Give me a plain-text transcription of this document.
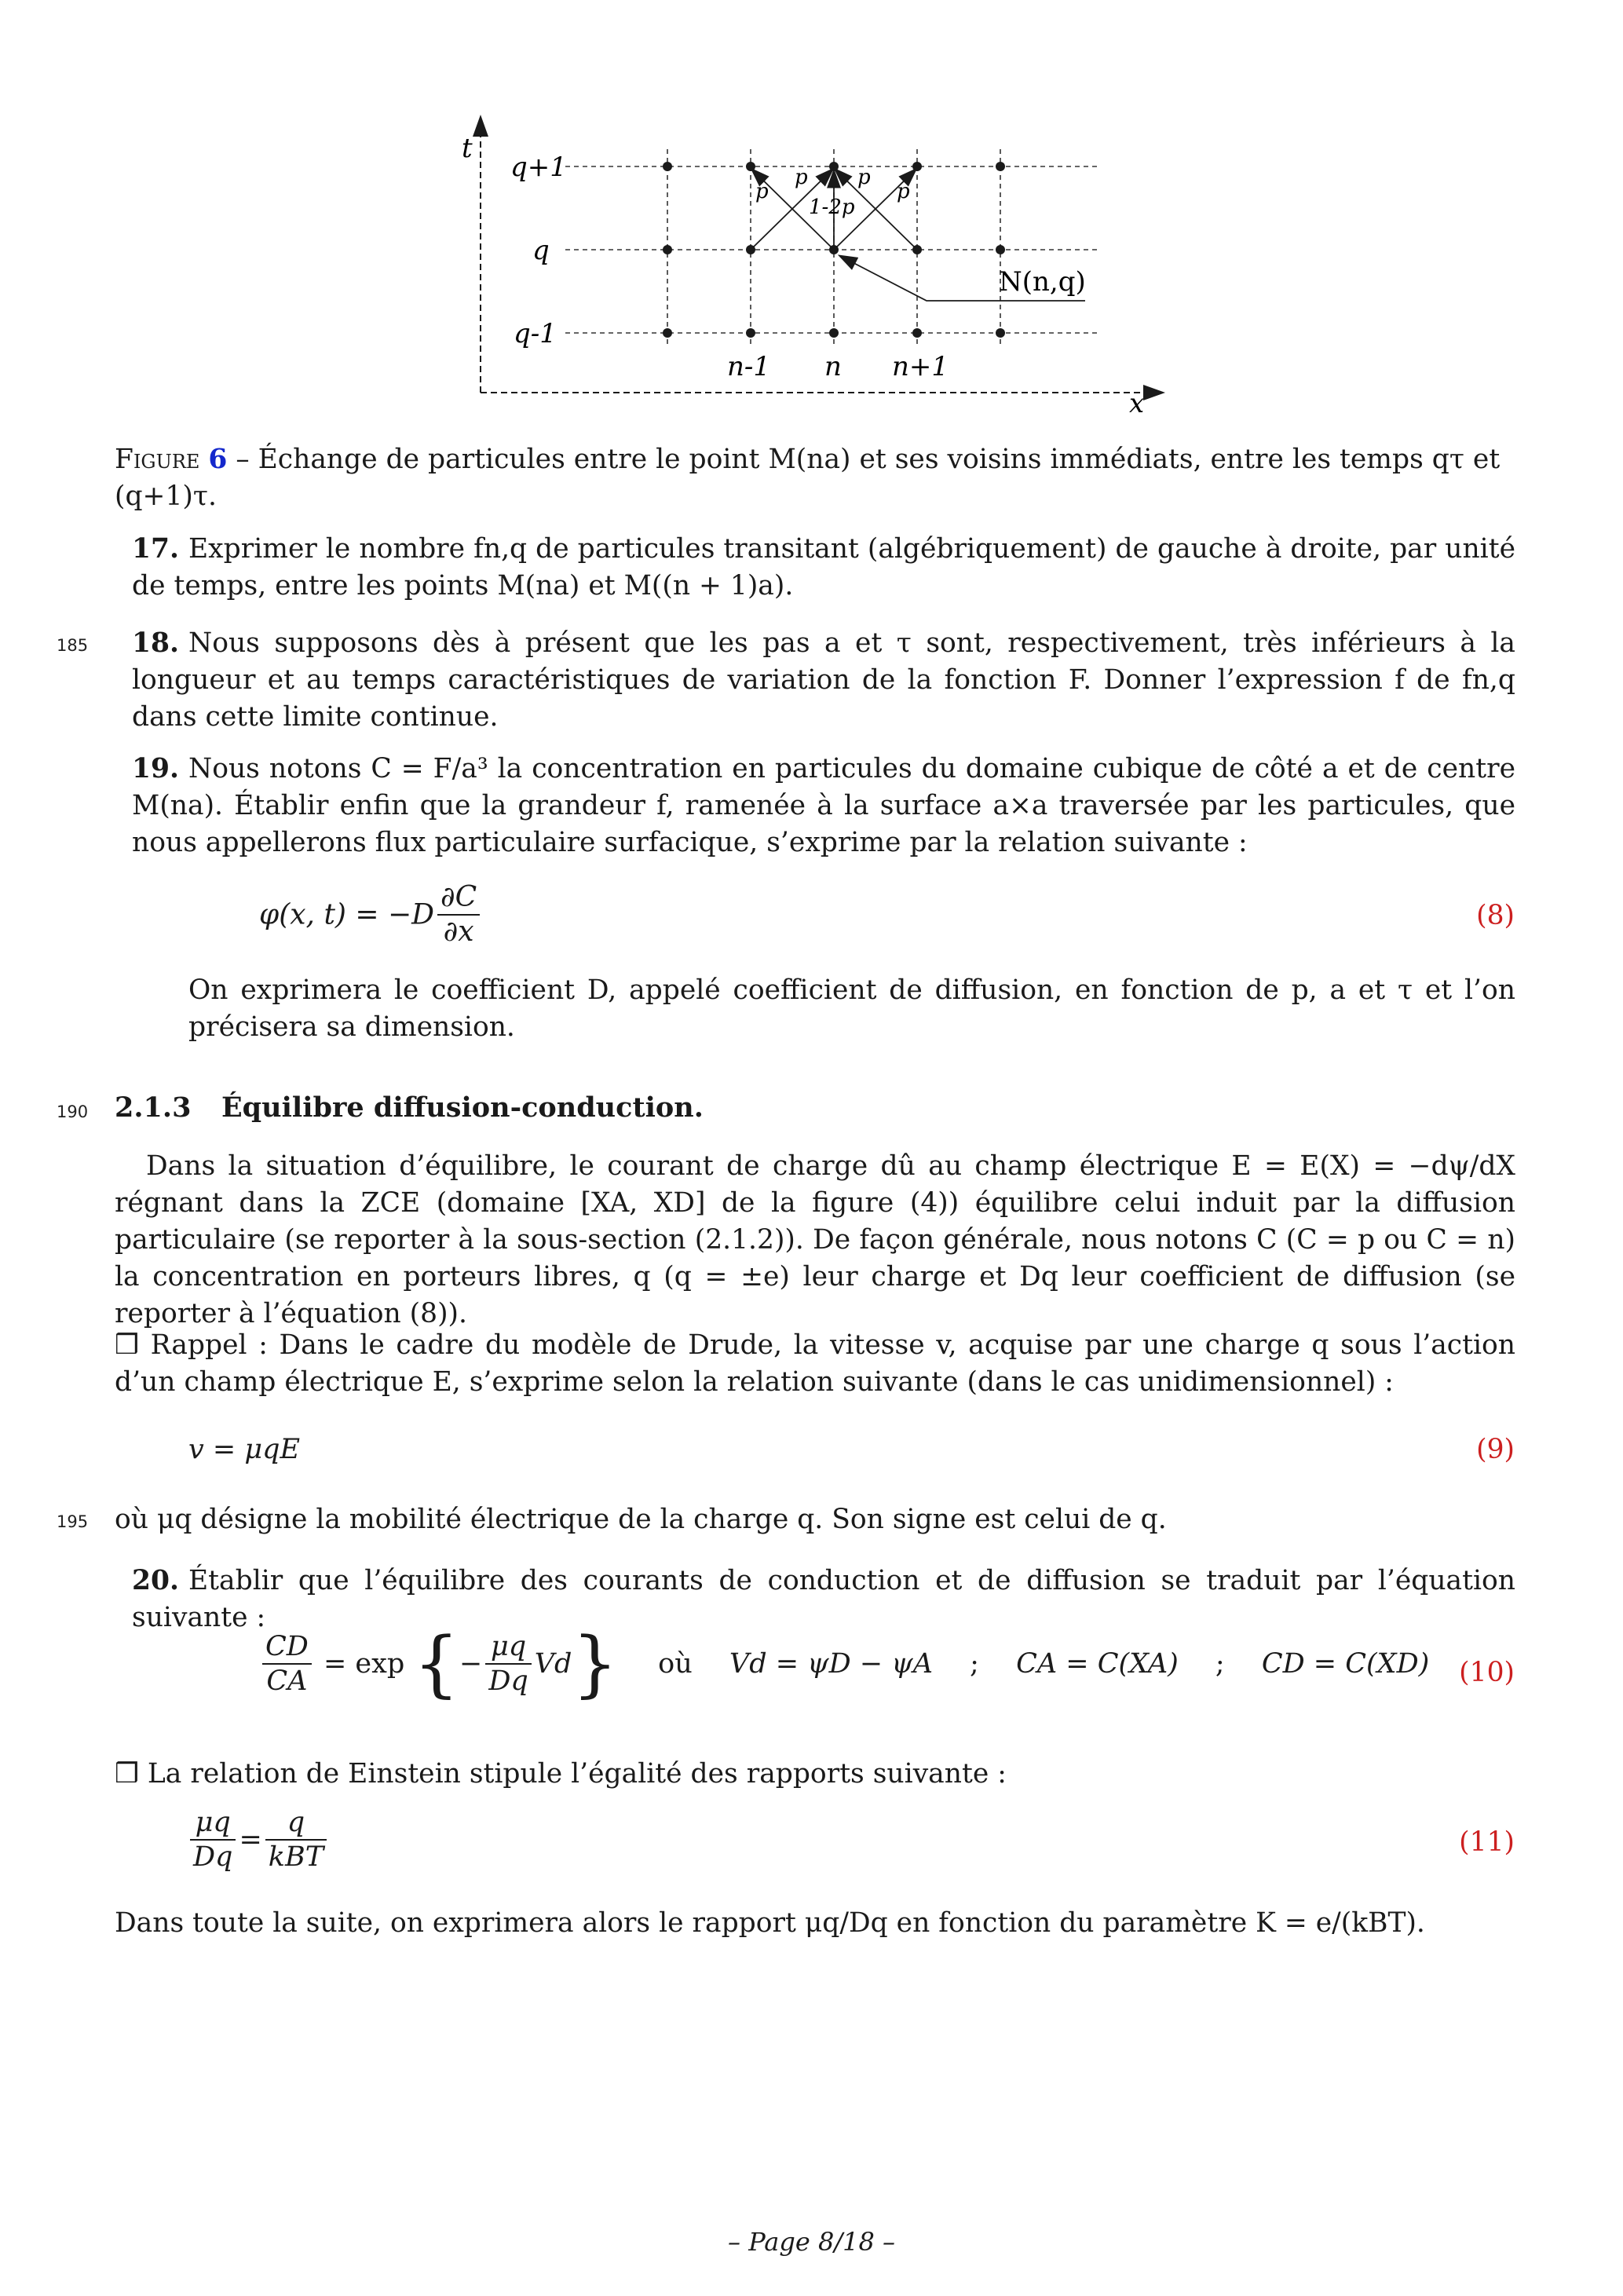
t
x
q+1
q
q-1
n-1 n n+1
p
p p
p
1-2p
N(n,q)
Figure 6 – Échange de particules entre le point M(na) et ses voisins immédiats, entre les temps qτ et (q+1)τ.
17. Exprimer le nombre fn,q de particules transitant (algébriquement) de gauche à droite, par unité de temps, entre les points M(na) et M((n + 1)a).
185 18. Nous supposons dès à présent que les pas a et τ sont, respectivement, très inférieurs à la longueur et au temps caractéristiques de variation de la fonction F. Donner l’expression f de fn,q dans cette limite continue.
19. Nous notons C = F/a³ la concentration en particules du domaine cubique de côté a et de centre M(na). Établir enfin que la grandeur f, ramenée à la surface a×a traversée par les particules, que nous appellerons flux particulaire surfacique, s’exprime par la relation suivante :
φ(x, $t) = -D \frac{\partial C}{\partial x}$	(8)
On exprimera le coefficient D, appelé coefficient de diffusion, en fonction de p, a et τ et l’on précisera sa dimension.
190 2.1.3 Équilibre diffusion-conduction.
Dans la situation d’équilibre, le courant de charge dû au champ électrique E = E(X) = −dψ/dX régnant dans la ZCE (domaine [XA, XD] de la figure (4)) équilibre celui induit par la diffusion particulaire (se reporter à la sous-section (2.1.2)). De façon générale, nous notons C (C = p ou C = n) la concentration en porteurs libres, q (q = ±e) leur charge et Dq leur coefficient de diffusion (se reporter à l’équation (8)).
❒ Rappel : Dans le cadre du modèle de Drude, la vitesse v, acquise par une charge q sous l’action d’un champ électrique E, s’exprime selon la relation suivante (dans le cas unidimensionnel) :
v = μqE	(9)
195 où μq désigne la mobilité électrique de la charge q. Son signe est celui de q.
20. Établir que l’équilibre des courants de conduction et de diffusion se traduit par l’équation suivante :
$\frac{CD}{CA} = \exp$ {− $\frac{\mu q}{Dq} Vd$} où Vd = ψD − ψA ; CA = C(XA) ; CD = C(XD) (10)
❒ La relation de Einstein stipule l’égalité des rapports suivante :
$\frac{\mu q}{Dq} = \frac{q}{\text{kBT}}$	(11)
Dans toute la suite, on exprimera alors le rapport μq/Dq en fonction du paramètre K = e/(kBT).
– Page 8/18 –
